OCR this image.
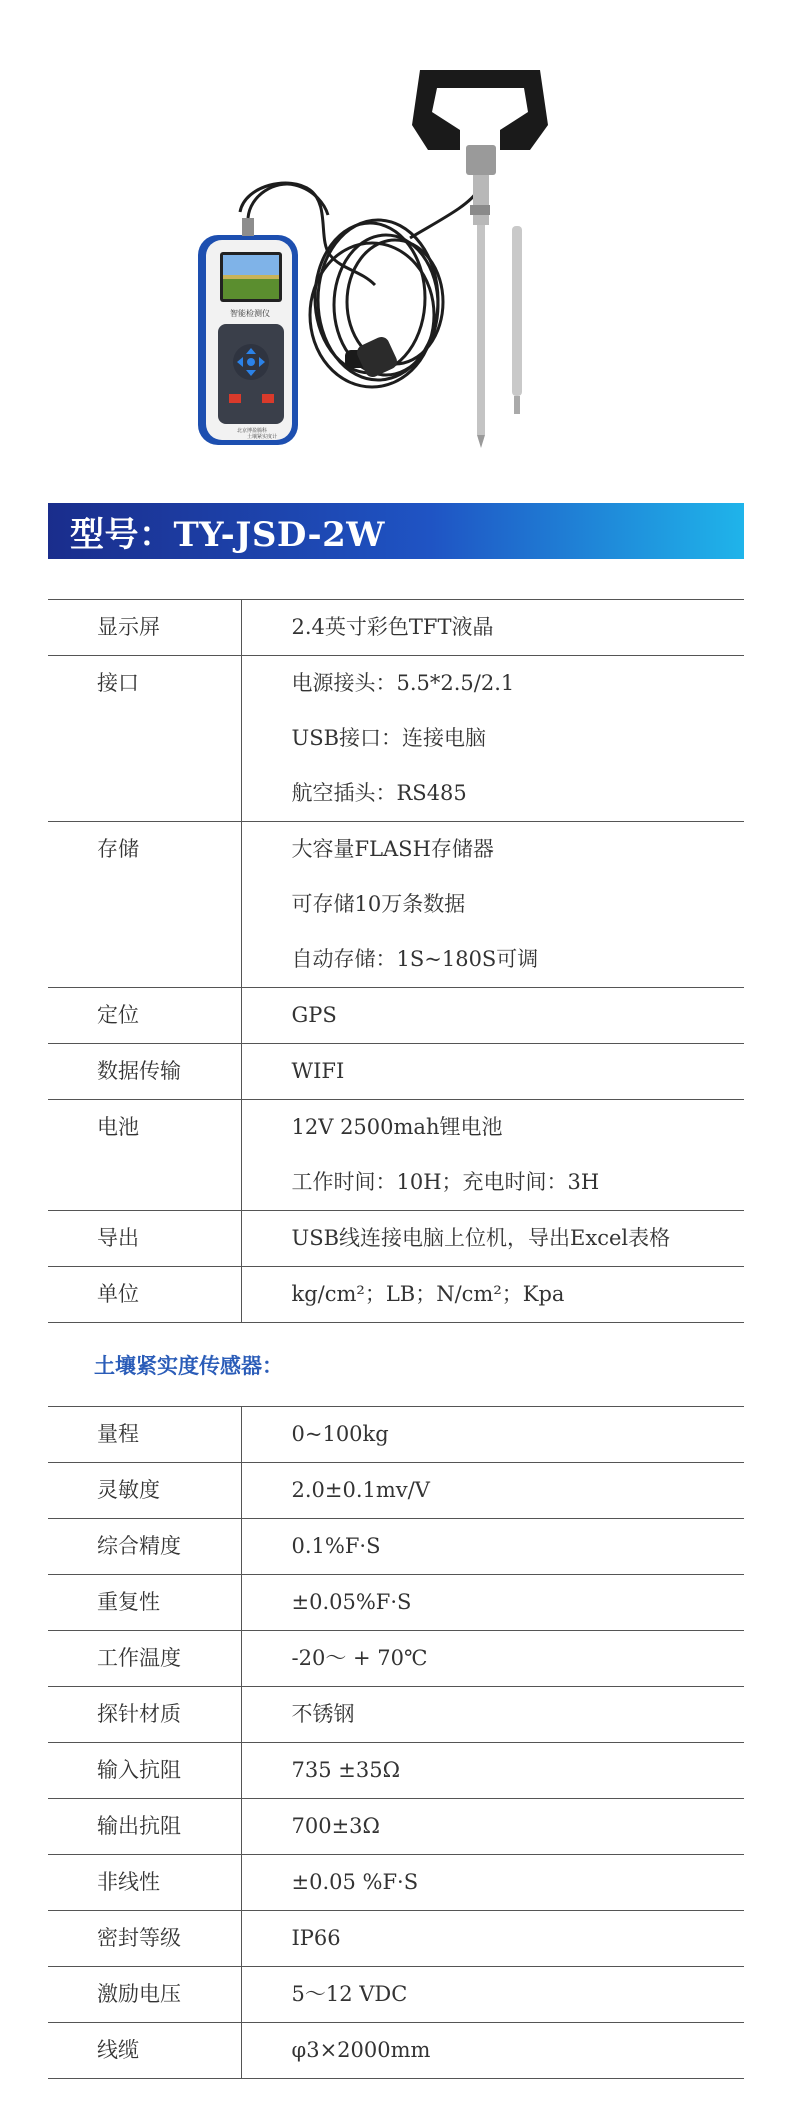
智能检测仪
北京博盈腾科
土壤紧实度计
型号：TY-JSD-2W
显示屏	2.4英寸彩色TFT液晶

接口	电源接头：5.5*2.5/2.1
USB接口：连接电脑
航空插头：RS485

存储	大容量FLASH存储器
可存储10万条数据
自动存储：1S~180S可调

定位	GPS

数据传输	WIFI

电池	12V 2500mah锂电池
工作时间：10H；充电时间：3H

导出	USB线连接电脑上位机，导出Excel表格

单位	kg/cm²；LB；N/cm²；Kpa
土壤紧实度传感器：
量程	0~100kg

灵敏度	2.0±0.1mv/V

综合精度	0.1%F·S

重复性	±0.05%F·S

工作温度	-20～ + 70℃

探针材质	不锈钢

输入抗阻	735 ±35Ω

输出抗阻	700±3Ω

非线性	±0.05 %F·S

密封等级	IP66

激励电压	5～12 VDC

线缆	φ3×2000mm
